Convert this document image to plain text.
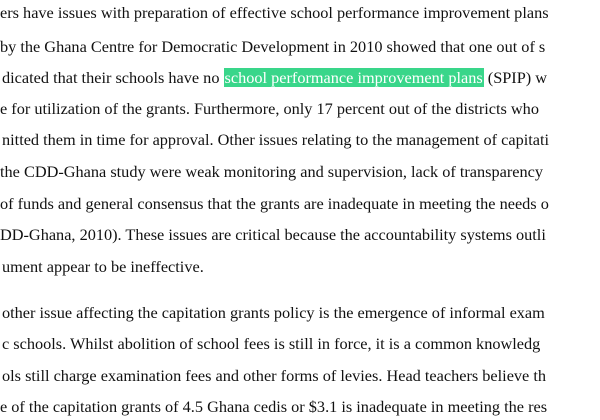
ers have issues with preparation of effective school performance improvement plans
by the Ghana Centre for Democratic Development in 2010 showed that one out of s
dicated that their schools have no school performance improvement plans (SPIP) w
e for utilization of the grants. Furthermore, only 17 percent out of the districts who
nitted them in time for approval. Other issues relating to the management of capitati
the CDD-Ghana study were weak monitoring and supervision, lack of transparency
of funds and general consensus that the grants are inadequate in meeting the needs o
DD-Ghana, 2010). These issues are critical because the accountability systems outli
ument appear to be ineffective.
other issue affecting the capitation grants policy is the emergence of informal exam
c schools. Whilst abolition of school fees is still in force, it is a common knowledg
ols still charge examination fees and other forms of levies. Head teachers believe th
e of the capitation grants of 4.5 Ghana cedis or $3.1 is inadequate in meeting the res
